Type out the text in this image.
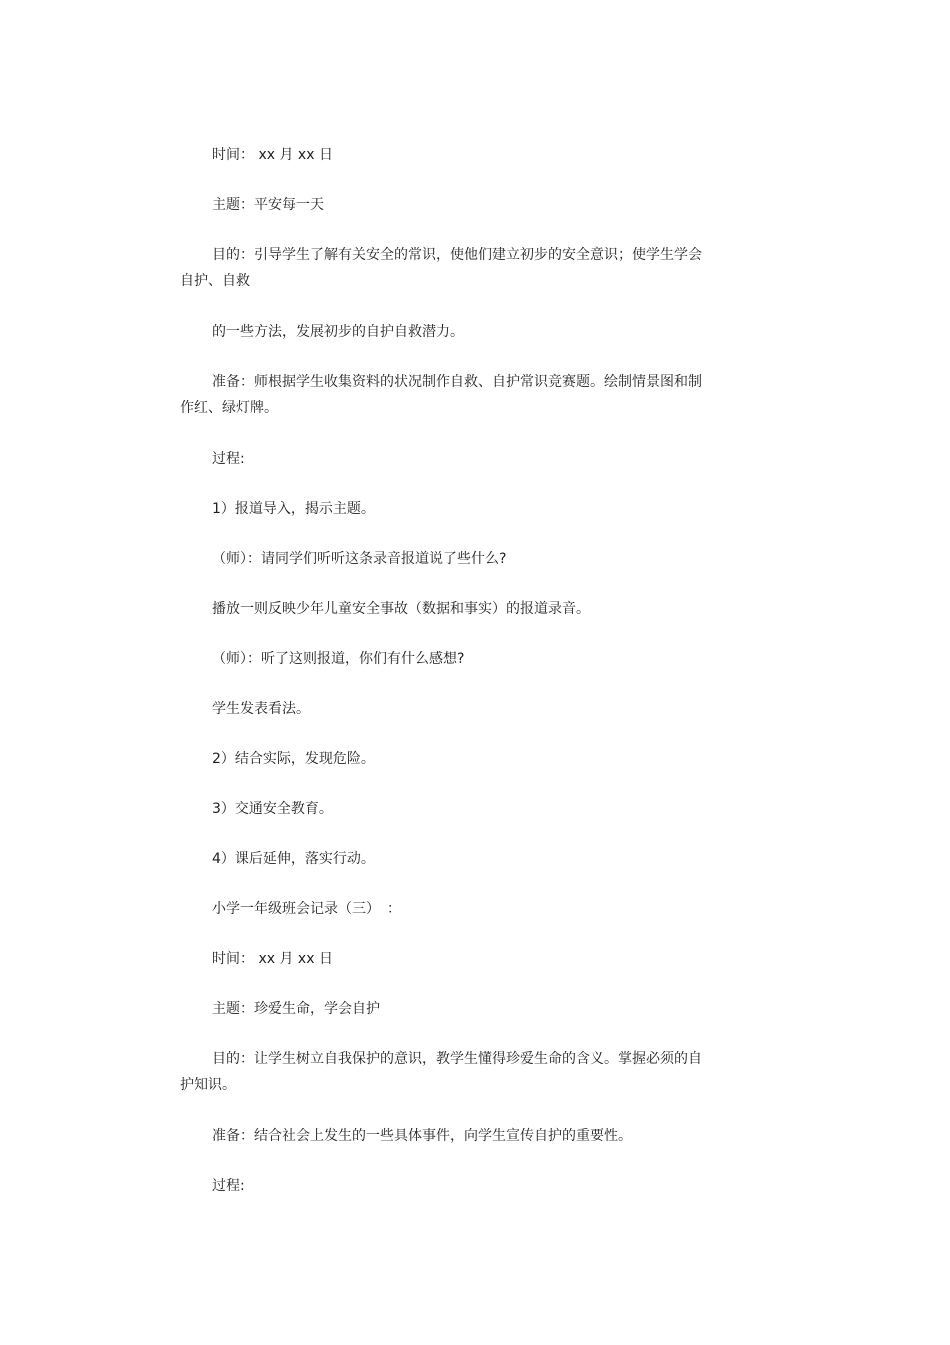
时间： xx 月 xx 日

主题：平安每一天

目的：引导学生了解有关安全的常识，使他们建立初步的安全意识；使学生学会自护、自救

的一些方法，发展初步的自护自救潜力。

准备：师根据学生收集资料的状况制作自救、自护常识竞赛题。绘制情景图和制作红、绿灯牌。

过程:

1）报道导入，揭示主题。

（师）：请同学们听听这条录音报道说了些什么?

播放一则反映少年儿童安全事故（数据和事实）的报道录音。

（师）：听了这则报道，你们有什么感想?

学生发表看法。

2）结合实际，发现危险。

3）交通安全教育。

4）课后延伸，落实行动。

小学一年级班会记录（三）　：

时间： xx 月 xx 日

主题：珍爱生命，学会自护

目的：让学生树立自我保护的意识，教学生懂得珍爱生命的含义。掌握必须的自护知识。

准备：结合社会上发生的一些具体事件，向学生宣传自护的重要性。

过程:
